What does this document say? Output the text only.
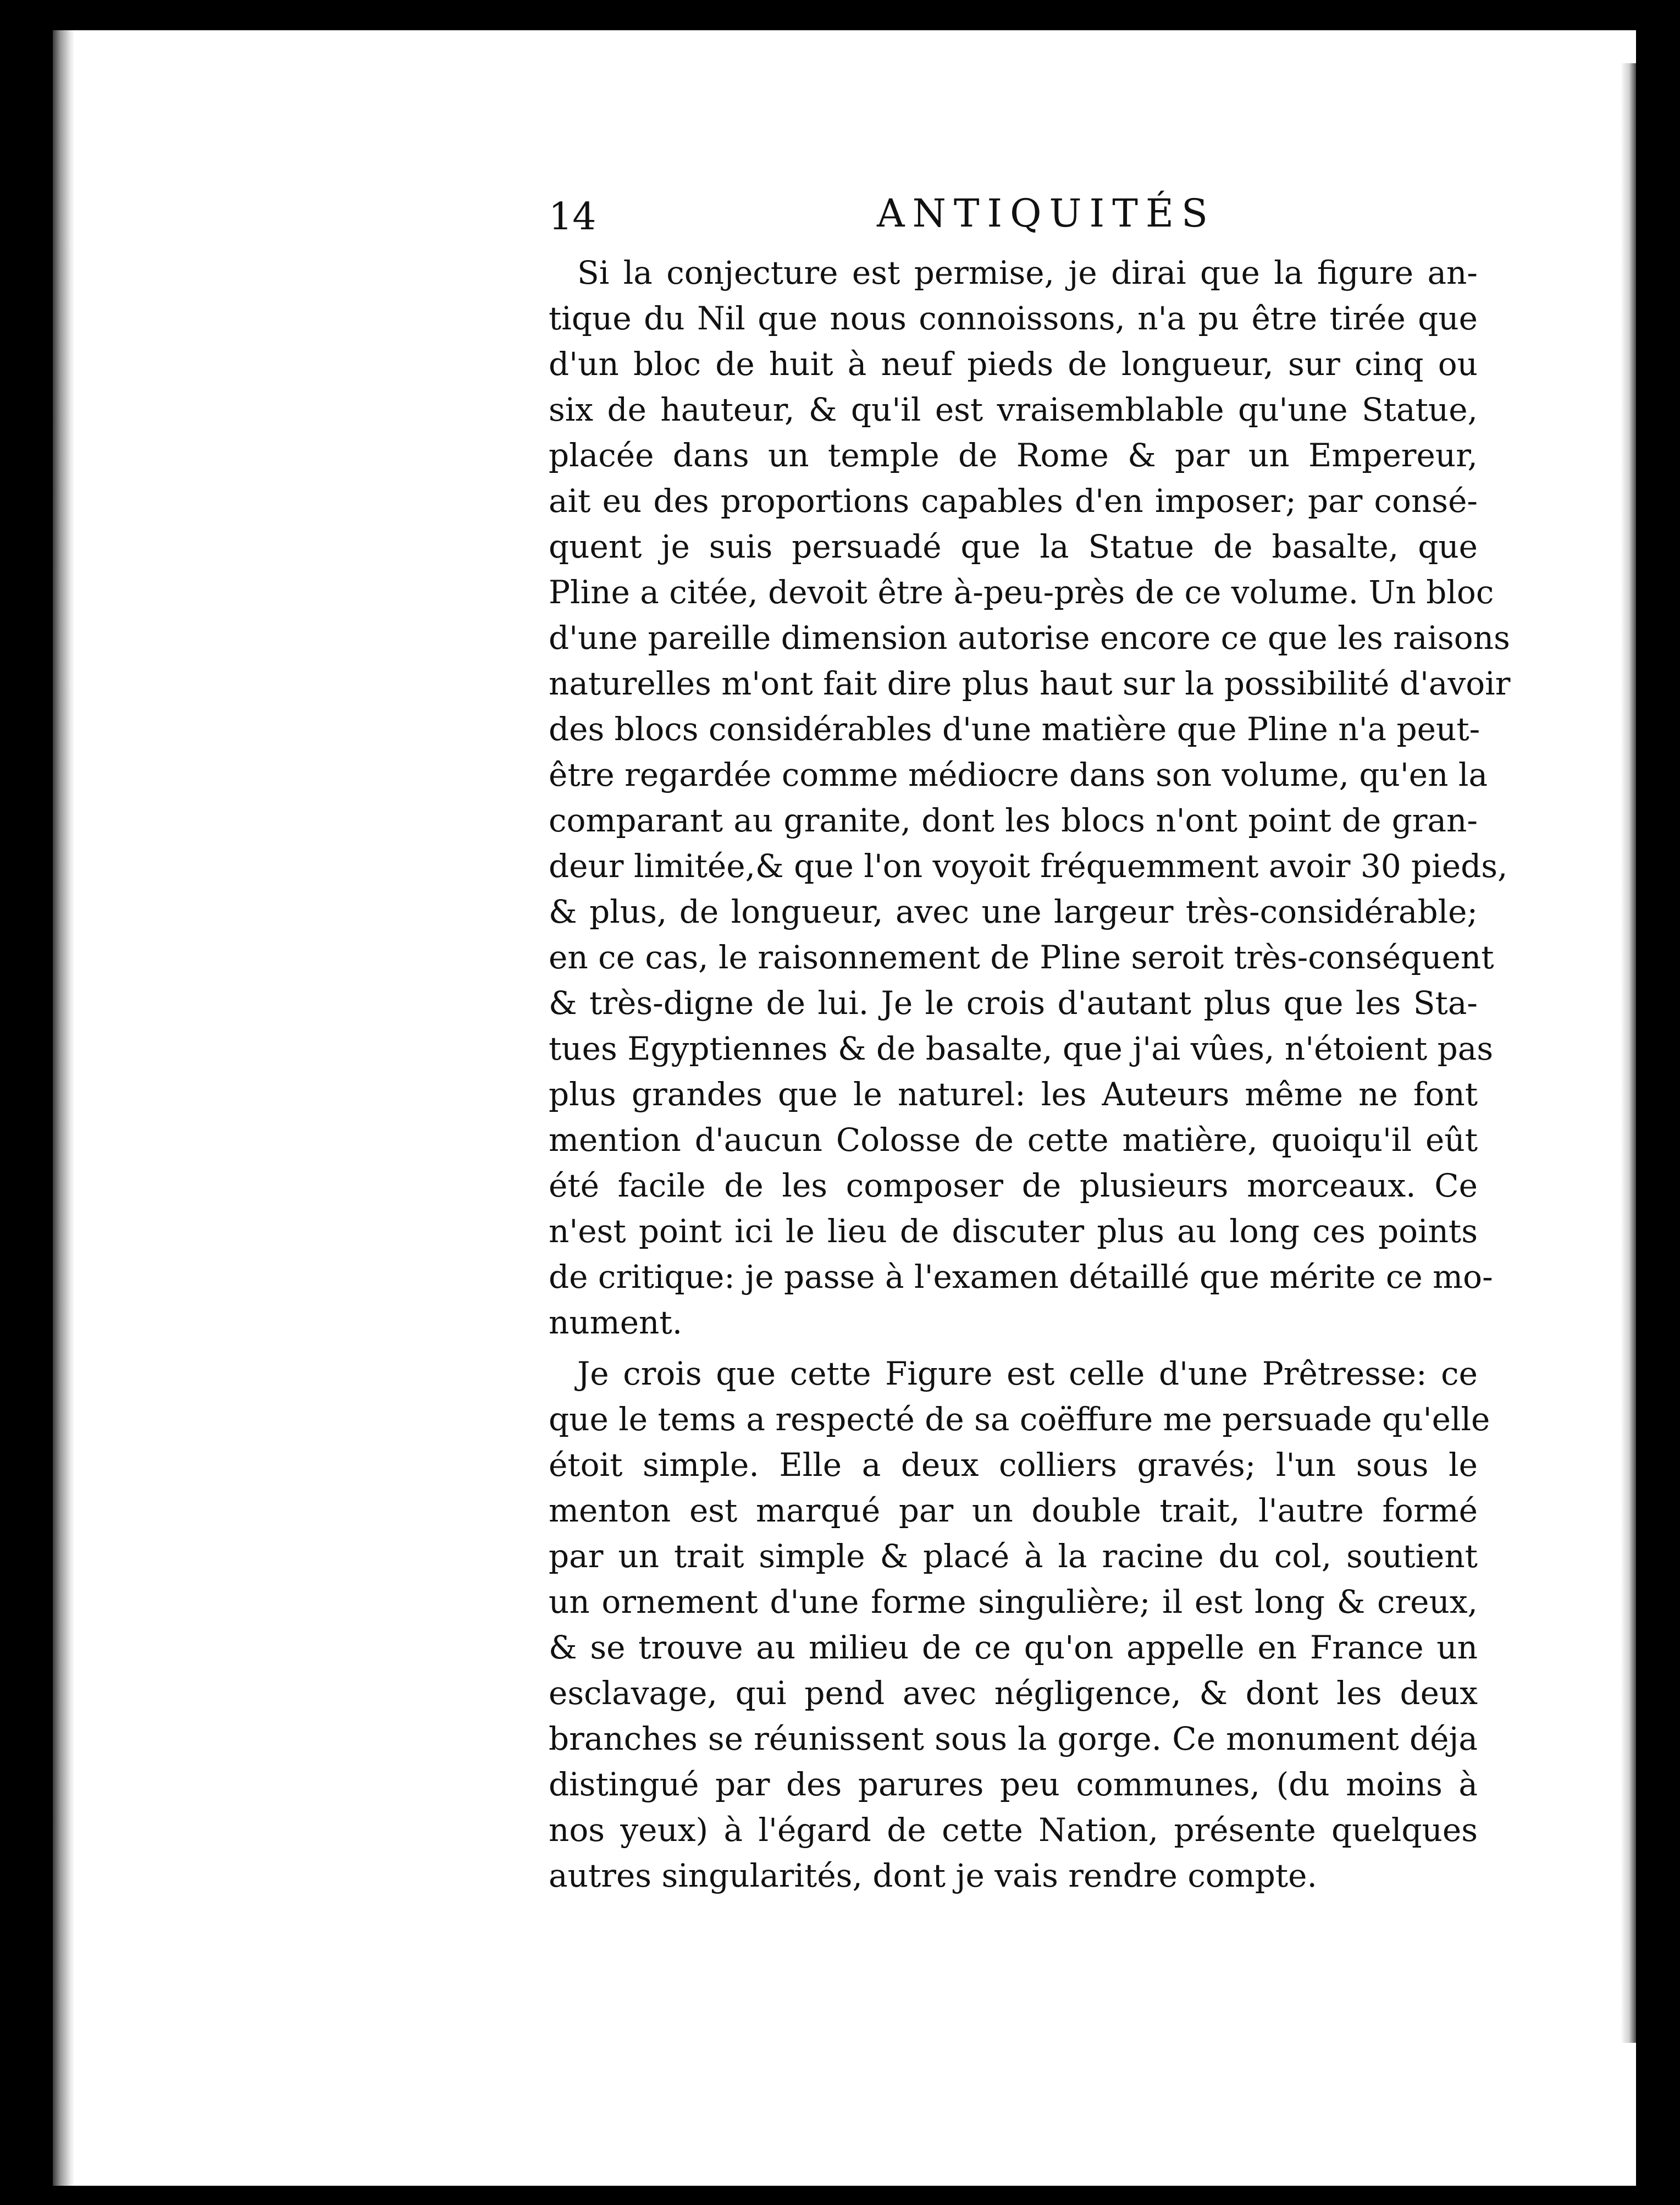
14	ANTIQUITÉS

Si la conjecture est permise, je dirai que la figure an-
tique du Nil que nous connoissons, n'a pu être tirée que
d'un bloc de huit à neuf pieds de longueur, sur cinq ou
six de hauteur, & qu'il est vraisemblable qu'une Statue,
placée dans un temple de Rome & par un Empereur,
ait eu des proportions capables d'en imposer; par consé-
quent je suis persuadé que la Statue de basalte, que
Pline a citée, devoit être à-peu-près de ce volume. Un bloc
d'une pareille dimension autorise encore ce que les raisons
naturelles m'ont fait dire plus haut sur la possibilité d'avoir
des blocs considérables d'une matière que Pline n'a peut-
être regardée comme médiocre dans son volume, qu'en la
comparant au granite, dont les blocs n'ont point de gran-
deur limitée,& que l'on voyoit fréquemment avoir 30 pieds,
& plus, de longueur, avec une largeur très-considérable;
en ce cas, le raisonnement de Pline seroit très-conséquent
& très-digne de lui. Je le crois d'autant plus que les Sta-
tues Egyptiennes & de basalte, que j'ai vûes, n'étoient pas
plus grandes que le naturel: les Auteurs même ne font
mention d'aucun Colosse de cette matière, quoiqu'il eût
été facile de les composer de plusieurs morceaux. Ce
n'est point ici le lieu de discuter plus au long ces points
de critique: je passe à l'examen détaillé que mérite ce mo-
nument.

Je crois que cette Figure est celle d'une Prêtresse: ce
que le tems a respecté de sa coëffure me persuade qu'elle
étoit simple. Elle a deux colliers gravés; l'un sous le
menton est marqué par un double trait, l'autre formé
par un trait simple & placé à la racine du col, soutient
un ornement d'une forme singulière; il est long & creux,
& se trouve au milieu de ce qu'on appelle en France un
esclavage, qui pend avec négligence, & dont les deux
branches se réunissent sous la gorge. Ce monument déja
distingué par des parures peu communes, (du moins à
nos yeux) à l'égard de cette Nation, présente quelques
autres singularités, dont je vais rendre compte.
